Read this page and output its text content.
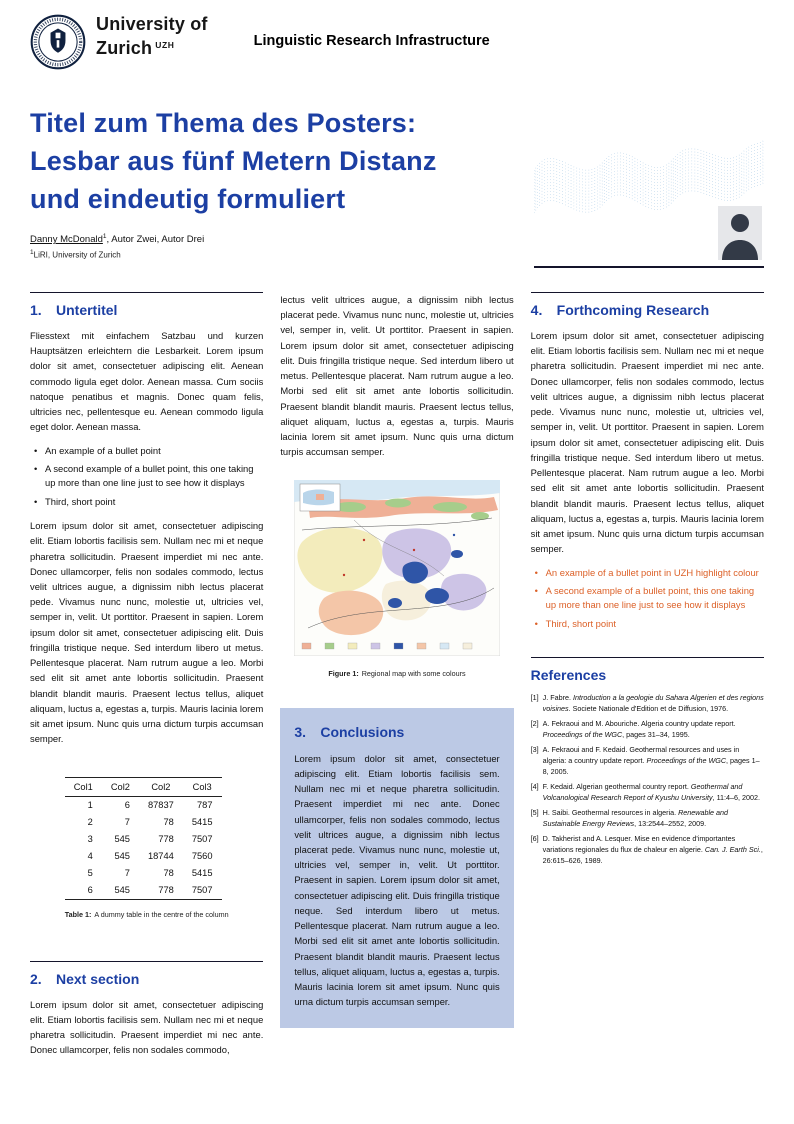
University of
Zurich $^{UZH}$	Linguistic Research Infrastructure
Titel zum Thema des Posters:
Lesbar aus fünf Metern Distanz
und eindeutig formuliert
Danny McDonald$^1$, Autor Zwei, Autor Drei
$^1$LiRI, University of Zurich
1.	Untertitel

Fliesstext mit einfachem Satzbau und kurzen Hauptsätzen erleichtern die Lesbarkeit. Lorem ipsum dolor sit amet, consectetuer adipiscing elit. Aenean commodo ligula eget dolor. Aenean massa. Cum sociis natoque penatibus et magnis. Donec quam felis, ultricies nec, pellentesque eu. Aenean commodo ligula eget dolor. Aenean massa.

• An example of a bullet point
• A second example of a bullet point, this one taking up more than one line just to see how it displays
• Third, short point

Lorem ipsum dolor sit amet, consectetuer adipiscing elit. Etiam lobortis facilisis sem. Nullam nec mi et neque pharetra sollicitudin. Praesent imperdiet mi nec ante. Donec ullamcorper, felis non sodales commodo, lectus velit ultrices augue, a dignissim nibh lectus placerat pede. Vivamus nunc nunc, molestie ut, ultricies vel, semper in, velit. Ut porttitor. Praesent in sapien. Lorem ipsum dolor sit amet, consectetuer adipiscing elit. Duis fringilla tristique neque. Sed interdum libero ut metus. Pellentesque placerat. Nam rutrum augue a leo. Morbi sed elit sit amet ante lobortis sollicitudin. Praesent blandit blandit mauris. Praesent lectus tellus, aliquet aliquam, luctus a, egestas a, turpis. Mauris lacinia lorem sit amet ipsum. Nunc quis urna dictum turpis accumsan semper.

Col1	Col2	Col2	Col3
1	6	87837	787
2	7	78	5415
3	545	778	7507
4	545	18744	7560
5	7	78	5415
6	545	778	7507
Table 1: A dummy table in the centre of the column
2.	Next section

Lorem ipsum dolor sit amet, consectetuer adipiscing elit. Etiam lobortis facilisis sem. Nullam nec mi et neque pharetra sollicitudin. Praesent imperdiet mi nec ante. Donec ullamcorper, felis non sodales commodo,

lectus velit ultrices augue, a dignissim nibh lectus placerat pede. Vivamus nunc nunc, molestie ut, ultricies vel, semper in, velit. Ut porttitor. Praesent in sapien. Lorem ipsum dolor sit amet, consectetuer adipiscing elit. Duis fringilla tristique neque. Sed interdum libero ut metus. Pellentesque placerat. Nam rutrum augue a leo. Morbi sed elit sit amet ante lobortis sollicitudin. Praesent blandit blandit mauris. Praesent lectus tellus, aliquet aliquam, luctus a, egestas a, turpis. Mauris lacinia lorem sit amet ipsum. Nunc quis urna dictum turpis accumsan semper.

Figure 1: Regional map with some colours
3.	Conclusions

Lorem ipsum dolor sit amet, consectetuer adipiscing elit. Etiam lobortis facilisis sem. Nullam nec mi et neque pharetra sollicitudin. Praesent imperdiet mi nec ante. Donec ullamcorper, felis non sodales commodo, lectus velit ultrices augue, a dignissim nibh lectus placerat pede. Vivamus nunc nunc, molestie ut, ultricies vel, semper in, velit. Ut porttitor. Praesent in sapien. Lorem ipsum dolor sit amet, consectetuer adipiscing elit. Duis fringilla tristique neque. Sed interdum libero ut metus. Pellentesque placerat. Nam rutrum augue a leo. Morbi sed elit sit amet ante lobortis sollicitudin. Praesent blandit blandit mauris. Praesent lectus tellus, aliquet aliquam, luctus a, egestas a, turpis. Mauris lacinia lorem sit amet ipsum. Nunc quis urna dictum turpis accumsan semper.

4.	Forthcoming Research

Lorem ipsum dolor sit amet, consectetuer adipiscing elit. Etiam lobortis facilisis sem. Nullam nec mi et neque pharetra sollicitudin. Praesent imperdiet mi nec ante. Donec ullamcorper, felis non sodales commodo, lectus velit ultrices augue, a dignissim nibh lectus placerat pede. Vivamus nunc nunc, molestie ut, ultricies vel, semper in, velit. Ut porttitor. Praesent in sapien. Lorem ipsum dolor sit amet, consectetuer adipiscing elit. Duis fringilla tristique neque. Sed interdum libero ut metus. Pellentesque placerat. Nam rutrum augue a leo. Morbi sed elit sit amet ante lobortis sollicitudin. Praesent blandit blandit mauris. Praesent lectus tellus, aliquet aliquam, luctus a, egestas a, turpis. Mauris lacinia lorem sit amet ipsum. Nunc quis urna dictum turpis accumsan semper.

• An example of a bullet point in UZH highlight colour
• A second example of a bullet point, this one taking up more than one line just to see how it displays
• Third, short point
References
[1] J. Fabre. Introduction a la geologie du Sahara Algerien et des regions voisines. Societe Nationale d'Edition et de Diffusion, 1976.
[2] A. Fekraoui and M. Abouriche. Algeria country update report. Proceedings of the WGC, pages 31–34, 1995.
[3] A. Fekraoui and F. Kedaid. Geothermal resources and uses in algeria: a country update report. Proceedings of the WGC, pages 1–8, 2005.
[4] F. Kedaid. Algerian geothermal country report. Geothermal and Volcanological Research Report of Kyushu University, 11:4–6, 2002.
[5] H. Saibi. Geothermal resources in algeria. Renewable and Sustainable Energy Reviews, 13:2544–2552, 2009.
[6] D. Takherist and A. Lesquer. Mise en evidence d'importantes variations regionales du flux de chaleur en algerie. Can. J. Earth Sci., 26:615–626, 1989.
